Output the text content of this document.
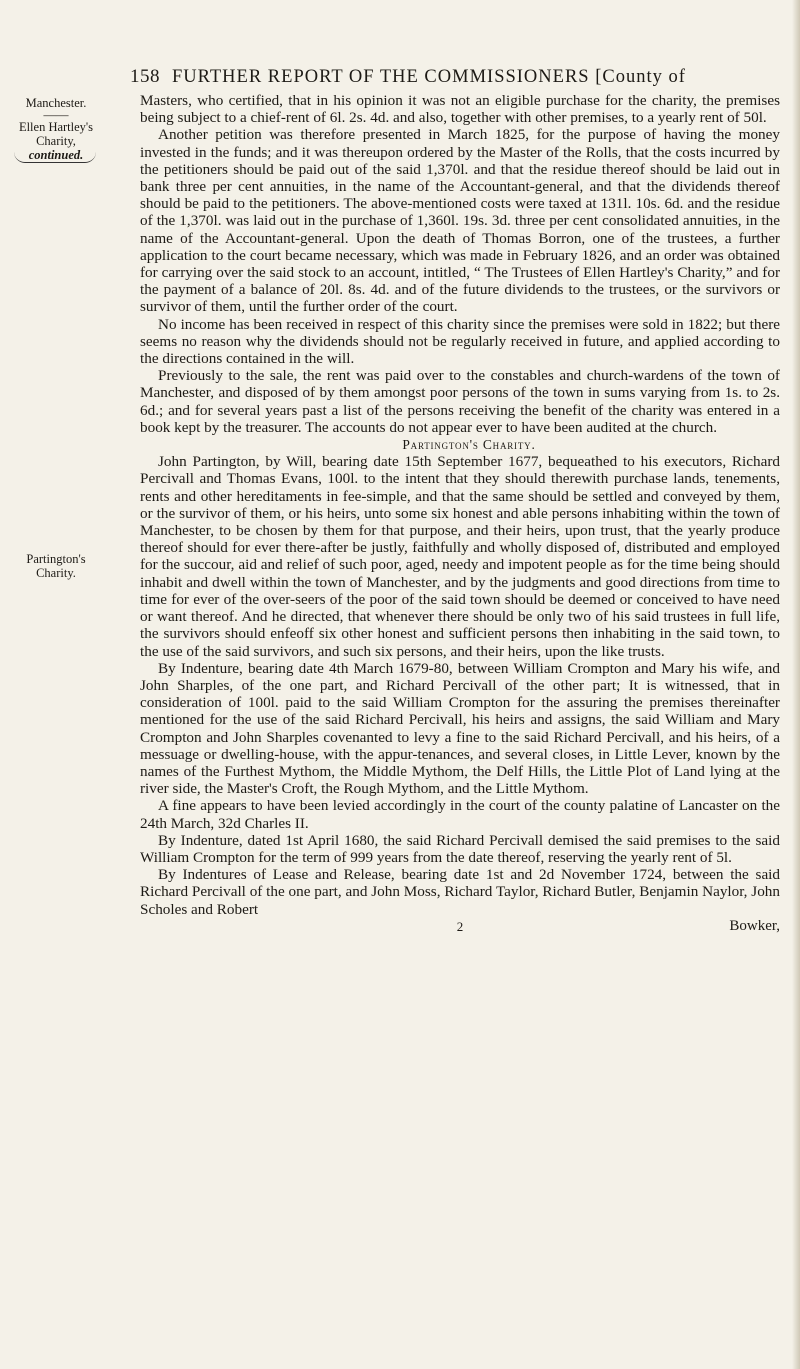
158 FURTHER REPORT OF THE COMMISSIONERS [County of
Manchester.
——
Ellen Hartley's
Charity,
continued.
Partington's
Charity.

Masters, who certified, that in his opinion it was not an eligible purchase for the charity, the premises being subject to a chief-rent of 6l. 2s. 4d. and also, together with other premises, to a yearly rent of 50l.

Another petition was therefore presented in March 1825, for the purpose of having the money invested in the funds; and it was thereupon ordered by the Master of the Rolls, that the costs incurred by the petitioners should be paid out of the said 1,370l. and that the residue thereof should be laid out in bank three per cent annuities, in the name of the Accountant-general, and that the dividends thereof should be paid to the petitioners. The above-mentioned costs were taxed at 131l. 10s. 6d. and the residue of the 1,370l. was laid out in the purchase of 1,360l. 19s. 3d. three per cent consolidated annuities, in the name of the Accountant-general. Upon the death of Thomas Borron, one of the trustees, a further application to the court became necessary, which was made in February 1826, and an order was obtained for carrying over the said stock to an account, intitled, “ The Trustees of Ellen Hartley's Charity,” and for the payment of a balance of 20l. 8s. 4d. and of the future dividends to the trustees, or the survivors or survivor of them, until the further order of the court.

No income has been received in respect of this charity since the premises were sold in 1822; but there seems no reason why the dividends should not be regularly received in future, and applied according to the directions contained in the will.

Previously to the sale, the rent was paid over to the constables and church-wardens of the town of Manchester, and disposed of by them amongst poor persons of the town in sums varying from 1s. to 2s. 6d.; and for several years past a list of the persons receiving the benefit of the charity was entered in a book kept by the treasurer. The accounts do not appear ever to have been audited at the church.

Partington's Charity.

John Partington, by Will, bearing date 15th September 1677, bequeathed to his executors, Richard Percivall and Thomas Evans, 100l. to the intent that they should therewith purchase lands, tenements, rents and other hereditaments in fee-simple, and that the same should be settled and conveyed by them, or the survivor of them, or his heirs, unto some six honest and able persons inhabiting within the town of Manchester, to be chosen by them for that purpose, and their heirs, upon trust, that the yearly produce thereof should for ever there-after be justly, faithfully and wholly disposed of, distributed and employed for the succour, aid and relief of such poor, aged, needy and impotent people as for the time being should inhabit and dwell within the town of Manchester, and by the judgments and good directions from time to time for ever of the over-seers of the poor of the said town should be deemed or conceived to have need or want thereof. And he directed, that whenever there should be only two of his said trustees in full life, the survivors should enfeoff six other honest and sufficient persons then inhabiting in the said town, to the use of the said survivors, and such six persons, and their heirs, upon the like trusts.

By Indenture, bearing date 4th March 1679-80, between William Crompton and Mary his wife, and John Sharples, of the one part, and Richard Percivall of the other part; It is witnessed, that in consideration of 100l. paid to the said William Crompton for the assuring the premises thereinafter mentioned for the use of the said Richard Percivall, his heirs and assigns, the said William and Mary Crompton and John Sharples covenanted to levy a fine to the said Richard Percivall, and his heirs, of a messuage or dwelling-house, with the appur-tenances, and several closes, in Little Lever, known by the names of the Furthest Mythom, the Middle Mythom, the Delf Hills, the Little Plot of Land lying at the river side, the Master's Croft, the Rough Mythom, and the Little Mythom.

A fine appears to have been levied accordingly in the court of the county palatine of Lancaster on the 24th March, 32d Charles II.

By Indenture, dated 1st April 1680, the said Richard Percivall demised the said premises to the said William Crompton for the term of 999 years from the date thereof, reserving the yearly rent of 5l.

By Indentures of Lease and Release, bearing date 1st and 2d November 1724, between the said Richard Percivall of the one part, and John Moss, Richard Taylor, Richard Butler, Benjamin Naylor, John Scholes and Robert

2	Bowker,
